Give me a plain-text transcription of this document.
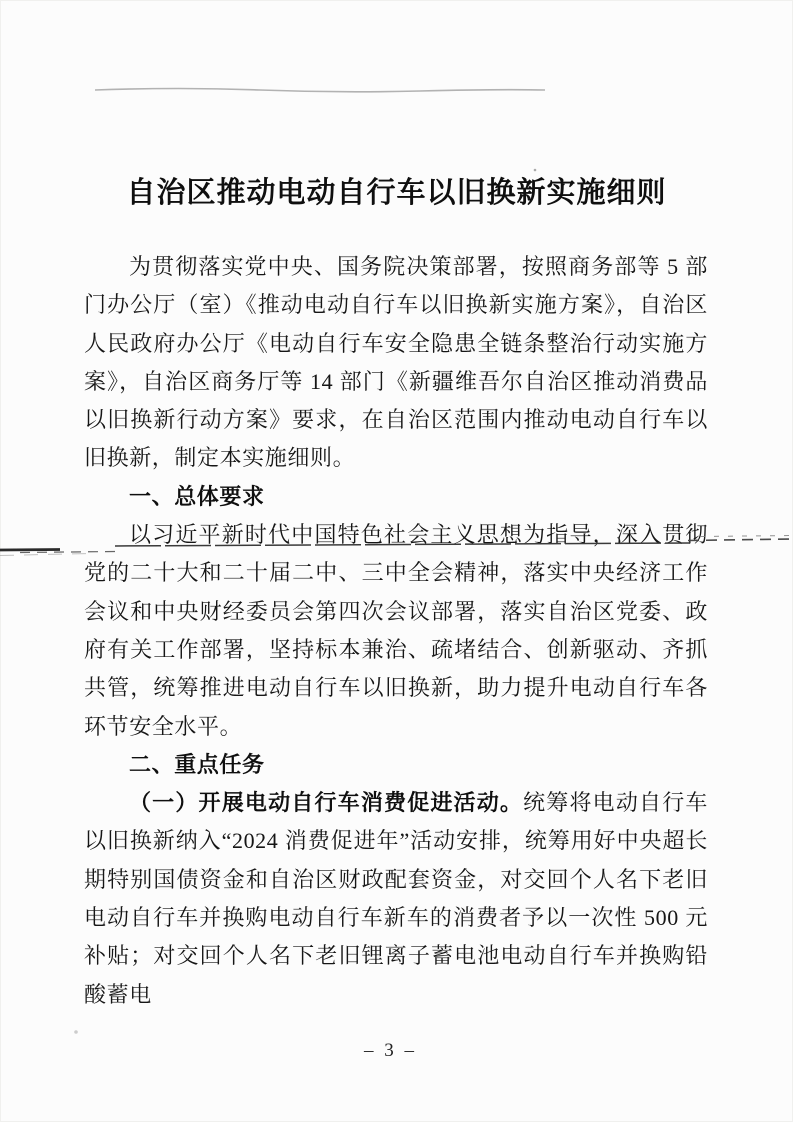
自治区推动电动自行车以旧换新实施细则

为贯彻落实党中央、国务院决策部署，按照商务部等 5 部门办公厅（室）《推动电动自行车以旧换新实施方案》，自治区人民政府办公厅《电动自行车安全隐患全链条整治行动实施方案》，自治区商务厅等 14 部门《新疆维吾尔自治区推动消费品以旧换新行动方案》要求，在自治区范围内推动电动自行车以旧换新，制定本实施细则。

一、总体要求

以习近平新时代中国特色社会主义思想为指导，深入贯彻党的二十大和二十届二中、三中全会精神，落实中央经济工作会议和中央财经委员会第四次会议部署，落实自治区党委、政府有关工作部署，坚持标本兼治、疏堵结合、创新驱动、齐抓共管，统筹推进电动自行车以旧换新，助力提升电动自行车各环节安全水平。

二、重点任务

（一）开展电动自行车消费促进活动。统筹将电动自行车以旧换新纳入“2024 消费促进年”活动安排，统筹用好中央超长期特别国债资金和自治区财政配套资金，对交回个人名下老旧电动自行车并换购电动自行车新车的消费者予以一次性 500 元补贴；对交回个人名下老旧锂离子蓄电池电动自行车并换购铅酸蓄电

– 3 –
